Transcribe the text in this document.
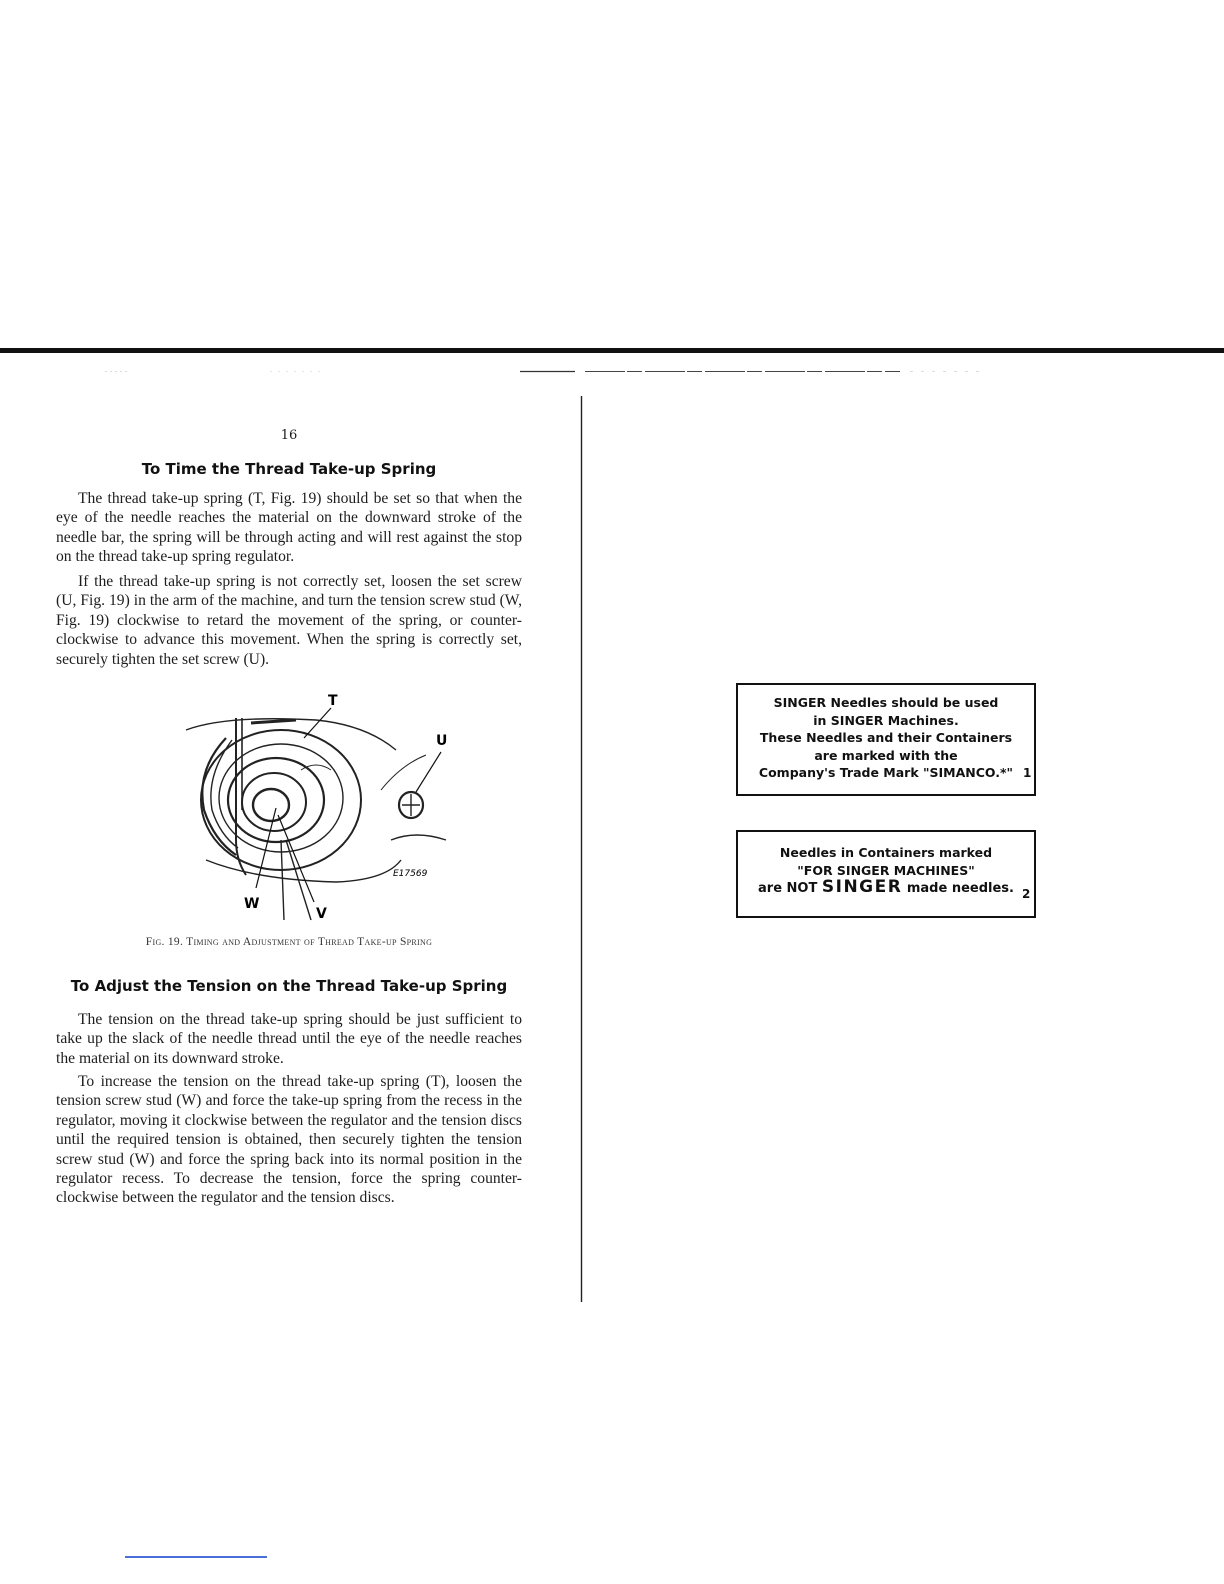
16
To Time the Thread Take-up Spring

The thread take-up spring (T, Fig. 19) should be set so that when the eye of the needle reaches the material on the downward stroke of the needle bar, the spring will be through acting and will rest against the stop on the thread take-up spring regulator.

If the thread take-up spring is not correctly set, loosen the set screw (U, Fig. 19) in the arm of the machine, and turn the tension screw stud (W, Fig. 19) clockwise to retard the movement of the spring, or counter-clockwise to advance this movement. When the spring is correctly set, securely tighten the set screw (U).

T
U
W
V
E17569
Fig. 19. Timing and Adjustment of Thread Take-up Spring
To Adjust the Tension on the Thread Take-up Spring

The tension on the thread take-up spring should be just sufficient to take up the slack of the needle thread until the eye of the needle reaches the material on its downward stroke.

To increase the tension on the thread take-up spring (T), loosen the tension screw stud (W) and force the take-up spring from the recess in the regulator, moving it clockwise between the regulator and the tension discs until the required tension is obtained, then securely tighten the tension screw stud (W) and force the spring back into its normal position in the regulator recess. To decrease the tension, force the spring counter-clockwise between the regulator and the tension discs.

SINGER Needles should be used
in SINGER Machines.
These Needles and their Containers
are marked with the
Company's Trade Mark "SIMANCO.*" 1
Needles in Containers marked
"FOR SINGER MACHINES"
are NOT SINGER made needles. 2
